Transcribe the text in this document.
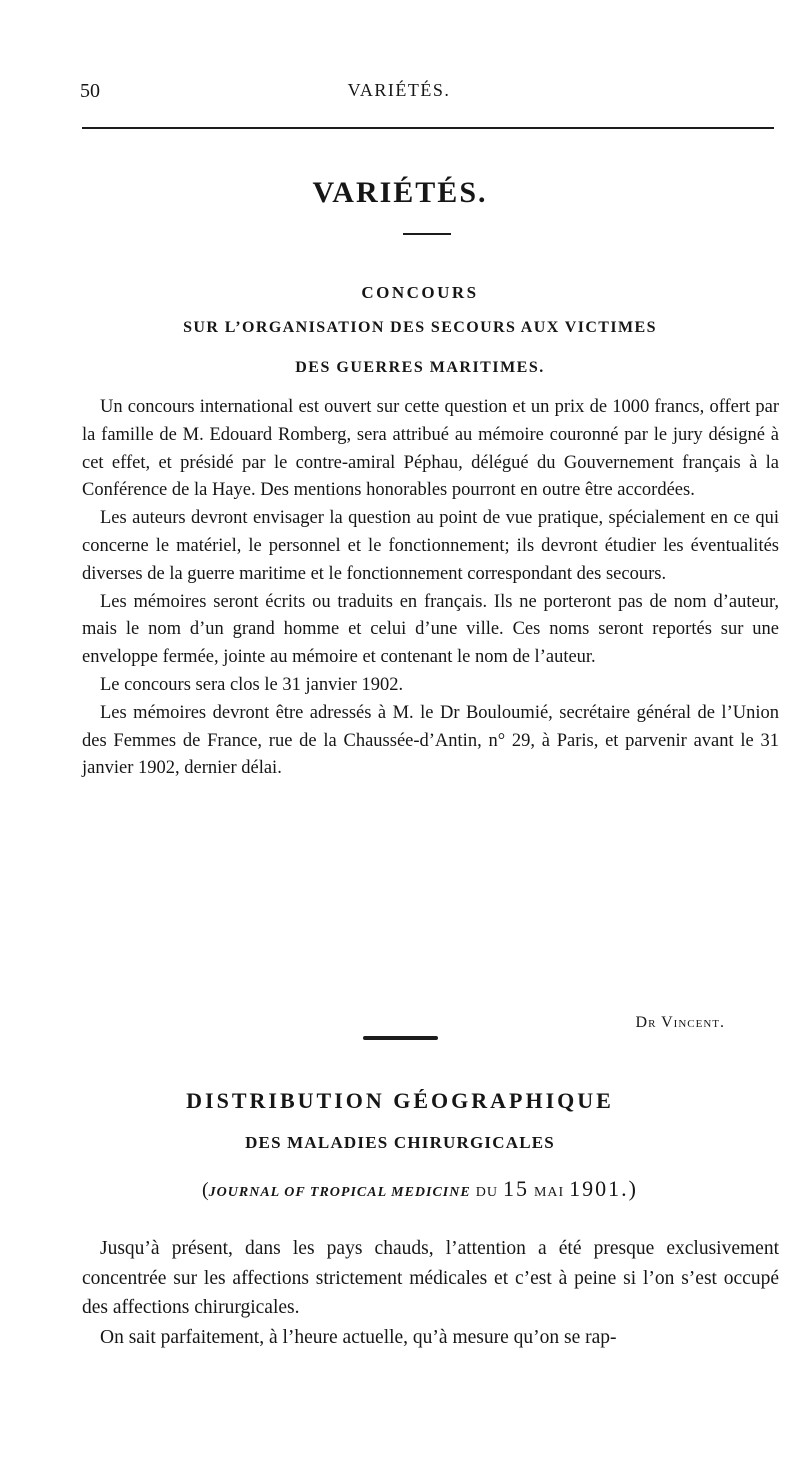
50	VARIÉTÉS.
VARIÉTÉS.
CONCOURS
SUR L’ORGANISATION DES SECOURS AUX VICTIMES
DES GUERRES MARITIMES.

Un concours international est ouvert sur cette question et un prix de 1000 francs, offert par la famille de M. Edouard Romberg, sera attribué au mémoire couronné par le jury désigné à cet effet, et présidé par le contre-amiral Péphau, délégué du Gouvernement français à la Conférence de la Haye. Des mentions honorables pourront en outre être accordées.

Les auteurs devront envisager la question au point de vue pratique, spécialement en ce qui concerne le matériel, le personnel et le fonctionnement; ils devront étudier les éventualités diverses de la guerre maritime et le fonctionnement correspondant des secours.

Les mémoires seront écrits ou traduits en français. Ils ne porteront pas de nom d’auteur, mais le nom d’un grand homme et celui d’une ville. Ces noms seront reportés sur une enveloppe fermée, jointe au mémoire et contenant le nom de l’auteur.

Le concours sera clos le 31 janvier 1902.

Les mémoires devront être adressés à M. le Dr Bouloumié, secrétaire général de l’Union des Femmes de France, rue de la Chaussée-d’Antin, n° 29, à Paris, et parvenir avant le 31 janvier 1902, dernier délai.

Dr Vincent.
DISTRIBUTION GÉOGRAPHIQUE
DES MALADIES CHIRURGICALES
(JOURNAL OF TROPICAL MEDICINE DU 15 MAI 1901.)

Jusqu’à présent, dans les pays chauds, l’attention a été presque exclusivement concentrée sur les affections strictement médicales et c’est à peine si l’on s’est occupé des affections chirurgicales.

On sait parfaitement, à l’heure actuelle, qu’à mesure qu’on se rap-
